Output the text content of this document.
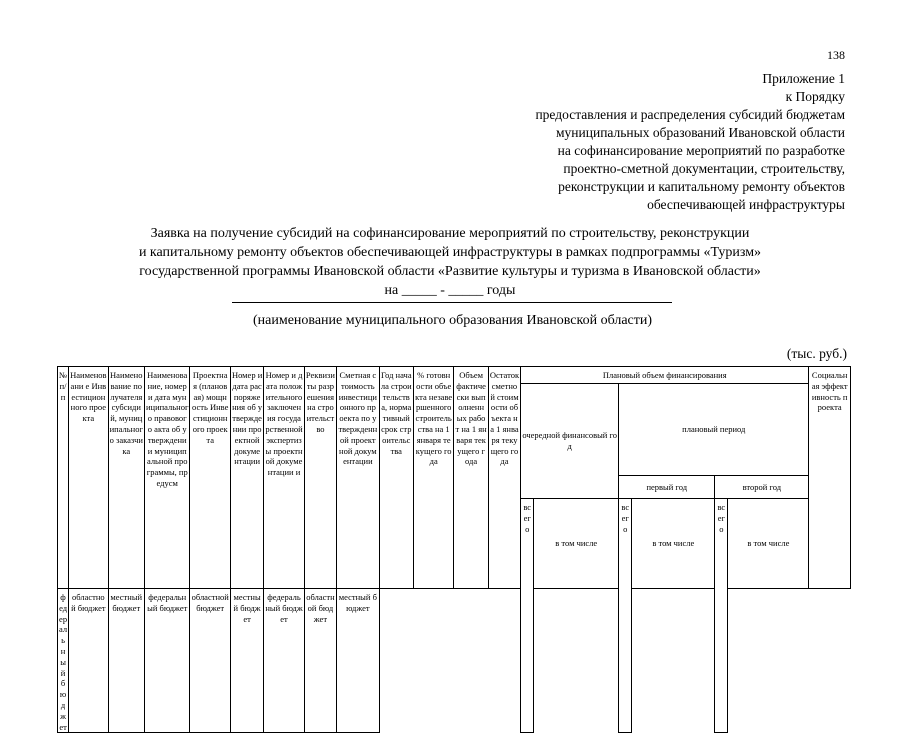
138
Приложение 1
к Порядку
предоставления и распределения субсидий бюджетам
муниципальных образований Ивановской области
на софинансирование мероприятий по разработке
проектно-сметной документации, строительству,
реконструкции и капитальному ремонту объектов
обеспечивающей инфраструктуры
Заявка на получение субсидий на софинансирование мероприятий по строительству, реконструкции
и капитальному ремонту объектов обеспечивающей инфраструктуры в рамках подпрограммы «Туризм»
государственной программы Ивановской области «Развитие культуры и туризма в Ивановской области»
на _____ - _____ годы
(наименование муниципального образования Ивановской области)
(тыс. руб.)
№ п/п	Наименовани е Инвестиционного проекта	Наименование получателя субсидий, муниципального заказчика	Наименование, номер и дата муниципального правового акта об утверждении муниципальной программы, предусм	Проектная (плановая) мощность Инвестиционного проекта	Номер и дата распоряжения об утверждении проектной документации	Номер и дата положительного заключения государственной экспертизы проектной документации и	Реквизиты разрешения на строительство	Сметная стоимость инвестиционного проекта по утвержденной проектной документации	Год начала строительства, нормативный срок строительства	% готовности объекта незавершенного строительства на 1 января текущего года	Объем фактически выполненных работ на 1 января текущего года	Остаток сметной стоимости объекта на 1 января текущего года	Плановый объем финансирования						Социальная эффективность проекта
													очередной финансовый год		плановый период				
															первый год		второй год		
													всего	в том числе	всего	в том числе	всего	в том числе	
федеральный бюджет	областной бюджет	местный бюджет	федеральный бюджет	областной бюджет	местный бюджет	федеральный бюджет	областной бюджет	местный бюджет											
